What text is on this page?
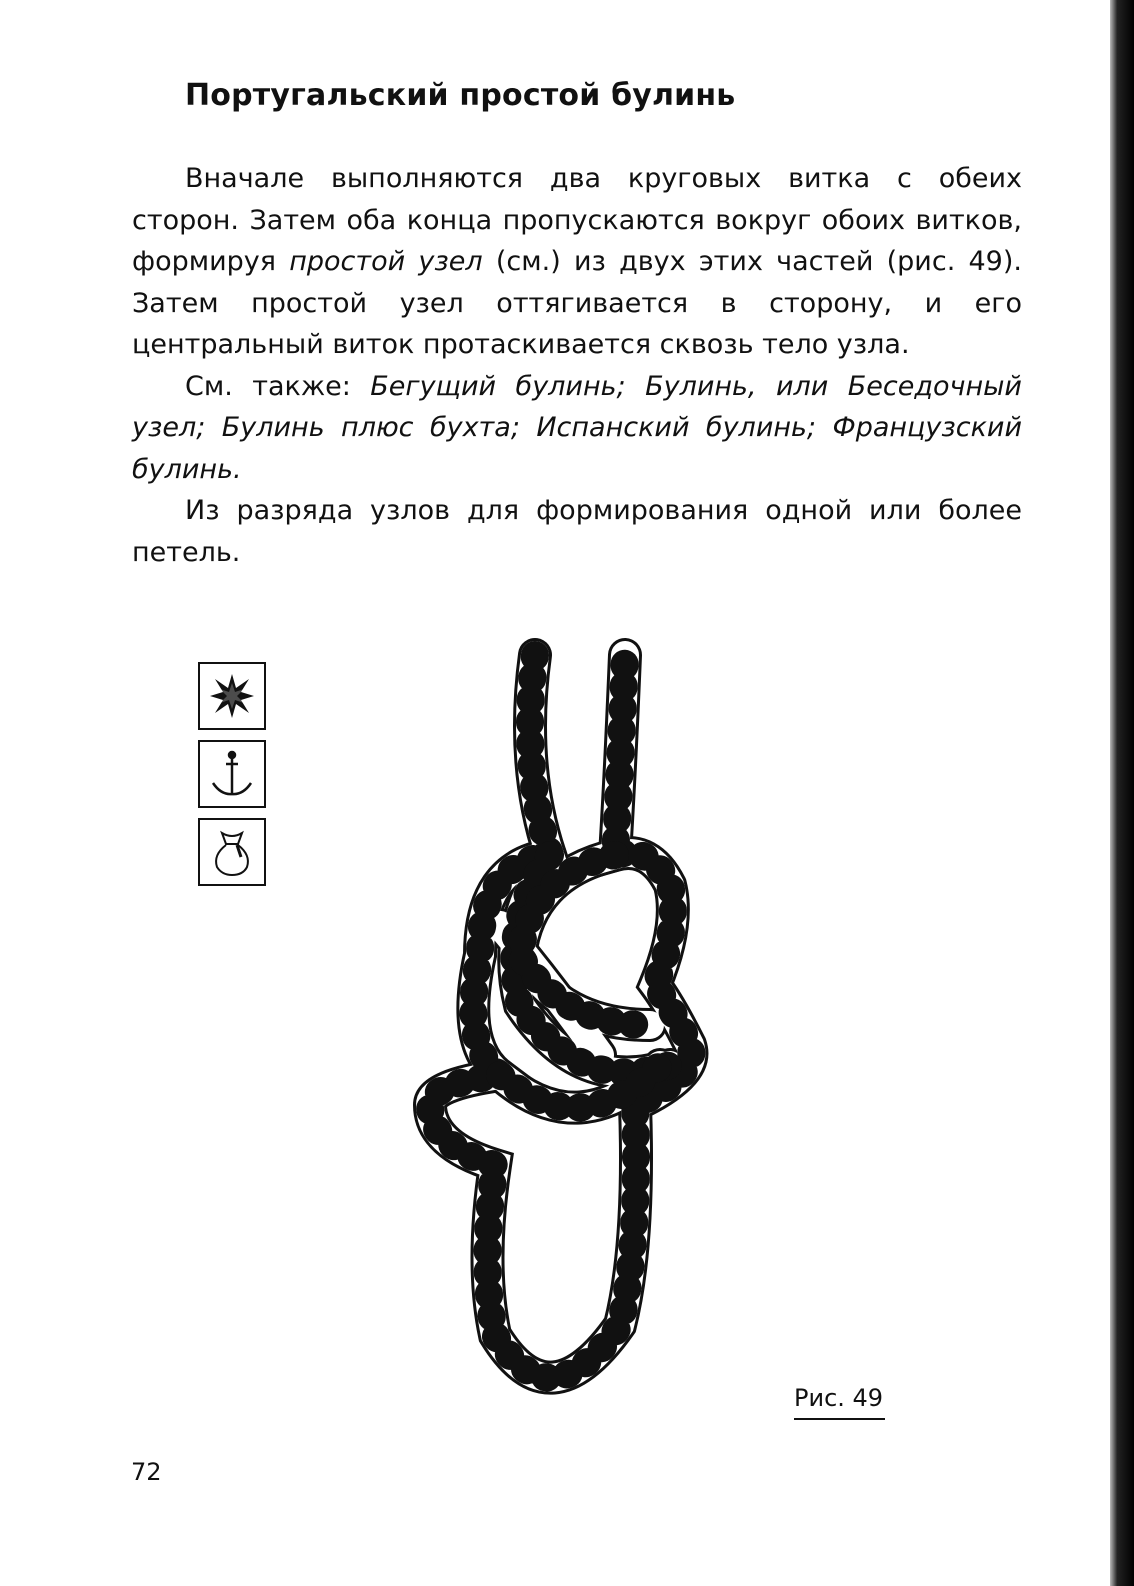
Португальский простой булинь

Вначале выполняются два круговых витка с обеих сторон. Затем оба конца пропускаются вокруг обоих витков, формируя простой узел (см.) из двух этих частей (рис. 49). Затем простой узел оттягивается в сторону, и его центральный виток протаскивается сквозь тело узла.

См. также: Бегущий булинь; Булинь, или Беседочный узел; Булинь плюс бухта; Испанский булинь; Французский булинь.

Из разряда узлов для формирования одной или более петель.

Рис. 49
72
